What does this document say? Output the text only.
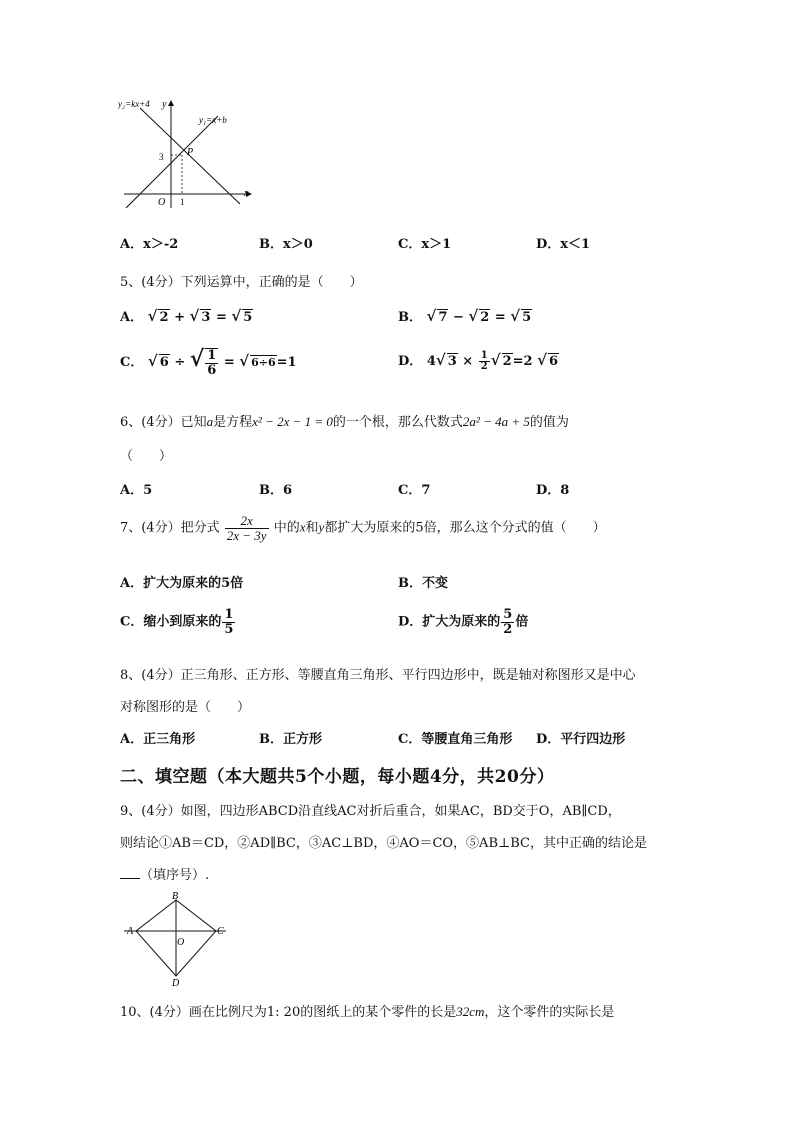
y₂=kx+4 y
y₁=x+b
x
O
P
3
1
A．x＞-2	B．x＞0	C．x＞1	D．x＜1
5、(4分）下列运算中，正确的是（　　）
A． √ 2 + √ 3 = √ 5	B． √ 7 − √ 2 = √ 5
C． √ 6 ÷ √ $\frac{1}{6}$ = √ 6÷6=1	D． 4√ $3 \times \frac{1}{2}$ √ 2=2 √ 6
6、(4分）已知a是方程x² − 2x − 1 = 0的一个根，那么代数式2a² − 4a + 5的值为
（　　）
A．5	B．6	C．7	D．8
7、(4分）把分式 $\frac{2x}{2x - 3y}$ 中的x和y都扩大为原来的5倍，那么这个分式的值（　　）
A．扩大为原来的5倍	B．不变
C．缩小到原来的 $\frac{1}{5}$	D．扩大为原来的 $\frac{5}{2}$ 倍
8、(4分）正三角形、正方形、等腰直角三角形、平行四边形中，既是轴对称图形又是中心
对称图形的是（　　）
A．正三角形	B．正方形	C．等腰直角三角形 D．平行四边形
二、填空题（本大题共5个小题，每小题4分，共20分）
9、(4分）如图，四边形ABCD沿直线AC对折后重合，如果AC，BD交于O，AB∥CD，
则结论①AB＝CD，②AD∥BC，③AC⊥BD，④AO＝CO，⑤AB⊥BC，其中正确的结论是
（填序号）.
A
B
C
D
O
10、(4分）画在比例尺为1: 20的图纸上的某个零件的长是32cm，这个零件的实际长是
